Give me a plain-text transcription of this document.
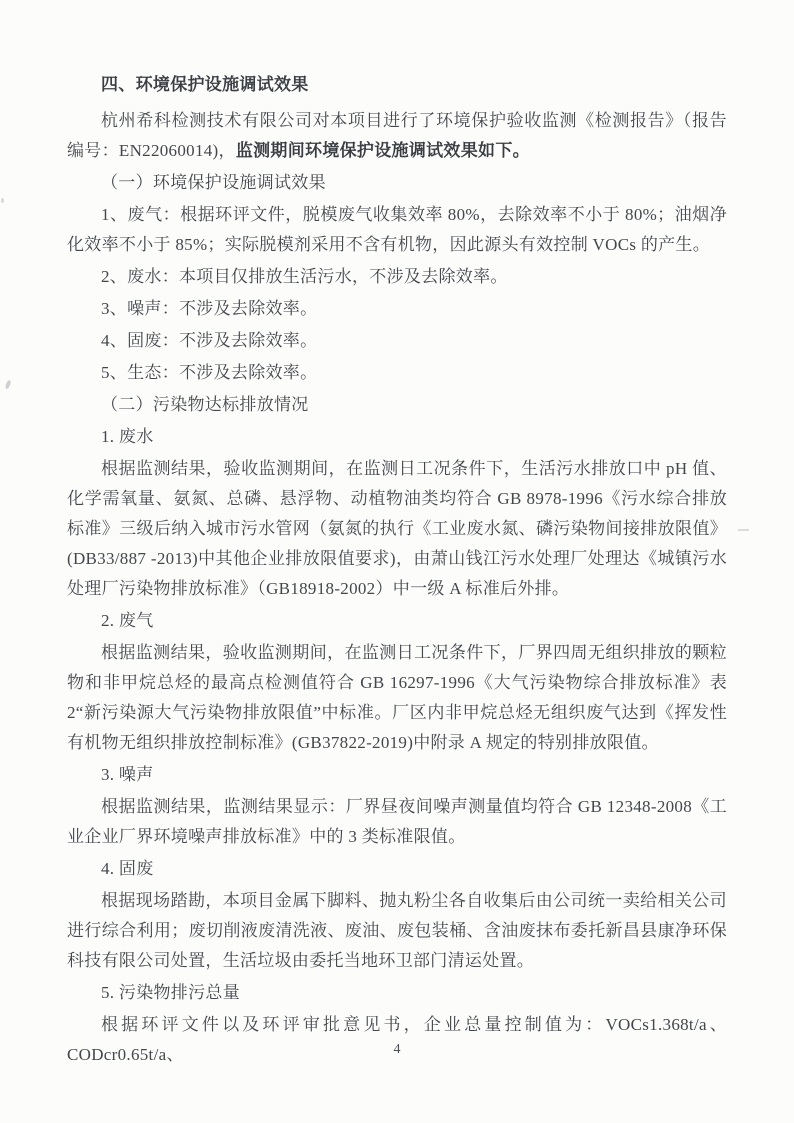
四、环境保护设施调试效果

杭州希科检测技术有限公司对本项目进行了环境保护验收监测《检测报告》（报告编号：EN22060014)，监测期间环境保护设施调试效果如下。

（一）环境保护设施调试效果

1、废气：根据环评文件，脱模废气收集效率 80%，去除效率不小于 80%；油烟净化效率不小于 85%；实际脱模剂采用不含有机物，因此源头有效控制 VOCs 的产生。

2、废水：本项目仅排放生活污水，不涉及去除效率。

3、噪声：不涉及去除效率。

4、固废：不涉及去除效率。

5、生态：不涉及去除效率。

（二）污染物达标排放情况

1. 废水

根据监测结果，验收监测期间，在监测日工况条件下，生活污水排放口中 pH 值、化学需氧量、氨氮、总磷、悬浮物、动植物油类均符合 GB 8978-1996《污水综合排放标准》三级后纳入城市污水管网（氨氮的执行《工业废水氮、磷污染物间接排放限值》(DB33/887 -2013)中其他企业排放限值要求)，由萧山钱江污水处理厂处理达《城镇污水处理厂污染物排放标准》（GB18918-2002）中一级 A 标准后外排。

2. 废气

根据监测结果，验收监测期间，在监测日工况条件下，厂界四周无组织排放的颗粒物和非甲烷总烃的最高点检测值符合 GB 16297-1996《大气污染物综合排放标准》表 2“新污染源大气污染物排放限值”中标准。厂区内非甲烷总烃无组织废气达到《挥发性有机物无组织排放控制标准》(GB37822-2019)中附录 A 规定的特别排放限值。

3. 噪声

根据监测结果，监测结果显示：厂界昼夜间噪声测量值均符合 GB 12348-2008《工业企业厂界环境噪声排放标准》中的 3 类标准限值。

4. 固废

根据现场踏勘，本项目金属下脚料、抛丸粉尘各自收集后由公司统一卖给相关公司进行综合利用；废切削液废清洗液、废油、废包装桶、含油废抹布委托新昌县康净环保科技有限公司处置，生活垃圾由委托当地环卫部门清运处置。

5. 污染物排污总量

根据环评文件以及环评审批意见书，企业总量控制值为：VOCs1.368t/a、CODcr0.65t/a、	4
